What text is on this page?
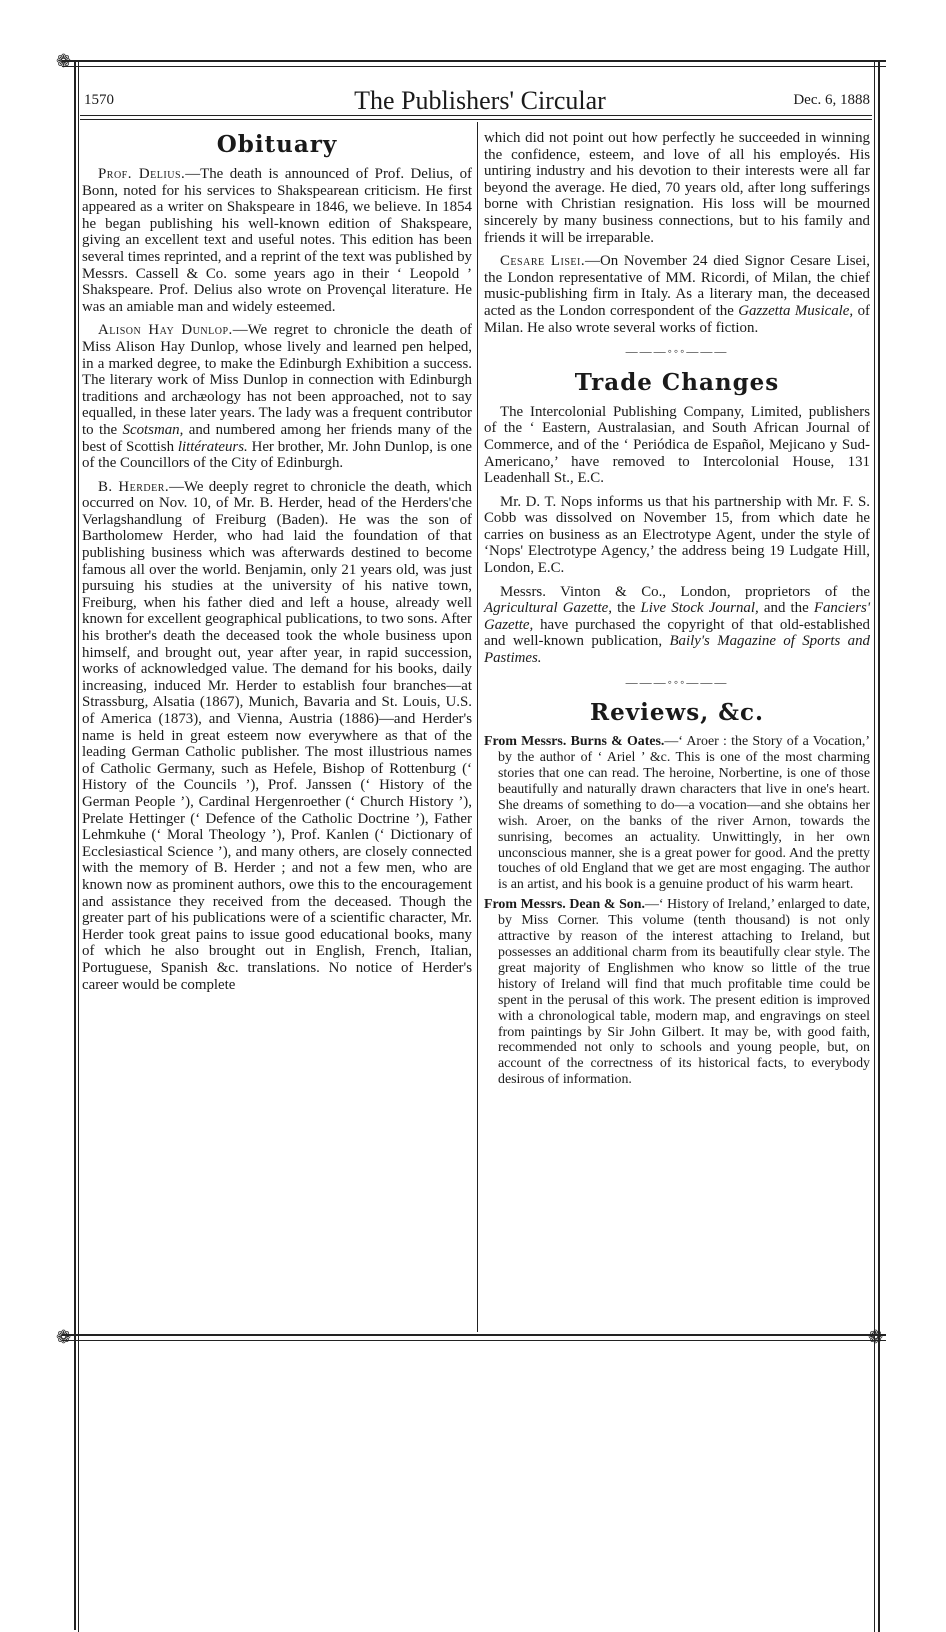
❁
❁	❁
1570	The Publishers' Circular	Dec. 6, 1888
Obituary

Prof. Delius.—The death is announced of Prof. Delius, of Bonn, noted for his services to Shakspearean criticism. He first appeared as a writer on Shakspeare in 1846, we believe. In 1854 he began publishing his well-known edition of Shakspeare, giving an excellent text and useful notes. This edition has been several times reprinted, and a reprint of the text was published by Messrs. Cassell & Co. some years ago in their ‘ Leopold ’ Shakspeare. Prof. Delius also wrote on Provençal literature. He was an amiable man and widely esteemed.

Alison Hay Dunlop.—We regret to chronicle the death of Miss Alison Hay Dunlop, whose lively and learned pen helped, in a marked degree, to make the Edinburgh Exhibition a success. The literary work of Miss Dunlop in connection with Edinburgh traditions and archæology has not been approached, not to say equalled, in these later years. The lady was a frequent contributor to the Scotsman, and numbered among her friends many of the best of Scottish littérateurs. Her brother, Mr. John Dunlop, is one of the Councillors of the City of Edinburgh.

B. Herder.—We deeply regret to chronicle the death, which occurred on Nov. 10, of Mr. B. Herder, head of the Herders'che Verlagshandlung of Freiburg (Baden). He was the son of Bartholomew Herder, who had laid the foundation of that publishing business which was afterwards destined to become famous all over the world. Benjamin, only 21 years old, was just pursuing his studies at the university of his native town, Freiburg, when his father died and left a house, already well known for excellent geographical publications, to two sons. After his brother's death the deceased took the whole business upon himself, and brought out, year after year, in rapid succession, works of acknowledged value. The demand for his books, daily increasing, induced Mr. Herder to establish four branches—at Strassburg, Alsatia (1867), Munich, Bavaria and St. Louis, U.S. of America (1873), and Vienna, Austria (1886)—and Herder's name is held in great esteem now everywhere as that of the leading German Catholic publisher. The most illustrious names of Catholic Germany, such as Hefele, Bishop of Rottenburg (‘ History of the Councils ’), Prof. Janssen (‘ History of the German People ’), Cardinal Hergenroether (‘ Church History ’), Prelate Hettinger (‘ Defence of the Catholic Doctrine ’), Father Lehmkuhe (‘ Moral Theology ’), Prof. Kanlen (‘ Dictionary of Ecclesiastical Science ’), and many others, are closely connected with the memory of B. Herder ; and not a few men, who are known now as prominent authors, owe this to the encouragement and assistance they received from the deceased. Though the greater part of his publications were of a scientific character, Mr. Herder took great pains to issue good educational books, many of which he also brought out in English, French, Italian, Portuguese, Spanish &c. translations. No notice of Herder's career would be complete

which did not point out how perfectly he succeeded in winning the confidence, esteem, and love of all his employés. His untiring industry and his devotion to their interests were all far beyond the average. He died, 70 years old, after long sufferings borne with Christian resignation. His loss will be mourned sincerely by many business connections, but to his family and friends it will be irreparable.

Cesare Lisei.—On November 24 died Signor Cesare Lisei, the London representative of MM. Ricordi, of Milan, the chief music-publishing firm in Italy. As a literary man, the deceased acted as the London correspondent of the Gazzetta Musicale, of Milan. He also wrote several works of fiction.

———◦◦◦———
Trade Changes

The Intercolonial Publishing Company, Limited, publishers of the ‘ Eastern, Australasian, and South African Journal of Commerce, and of the ‘ Periódica de Español, Mejicano y Sud-Americano,’ have removed to Intercolonial House, 131 Leadenhall St., E.C.

Mr. D. T. Nops informs us that his partnership with Mr. F. S. Cobb was dissolved on November 15, from which date he carries on business as an Electrotype Agent, under the style of ‘Nops' Electrotype Agency,’ the address being 19 Ludgate Hill, London, E.C.

Messrs. Vinton & Co., London, proprietors of the Agricultural Gazette, the Live Stock Journal, and the Fanciers' Gazette, have purchased the copyright of that old-established and well-known publication, Baily's Magazine of Sports and Pastimes.

———◦◦◦———
Reviews, &c.

From Messrs. Burns & Oates.—‘ Aroer : the Story of a Vocation,’ by the author of ‘ Ariel ’ &c. This is one of the most charming stories that one can read. The heroine, Norbertine, is one of those beautifully and naturally drawn characters that live in one's heart. She dreams of something to do—a vocation—and she obtains her wish. Aroer, on the banks of the river Arnon, towards the sunrising, becomes an actuality. Unwittingly, in her own unconscious manner, she is a great power for good. And the pretty touches of old England that we get are most engaging. The author is an artist, and his book is a genuine product of his warm heart.

From Messrs. Dean & Son.—‘ History of Ireland,’ enlarged to date, by Miss Corner. This volume (tenth thousand) is not only attractive by reason of the interest attaching to Ireland, but possesses an additional charm from its beautifully clear style. The great majority of Englishmen who know so little of the true history of Ireland will find that much profitable time could be spent in the perusal of this work. The present edition is improved with a chronological table, modern map, and engravings on steel from paintings by Sir John Gilbert. It may be, with good faith, recommended not only to schools and young people, but, on account of the correctness of its historical facts, to everybody desirous of information.
